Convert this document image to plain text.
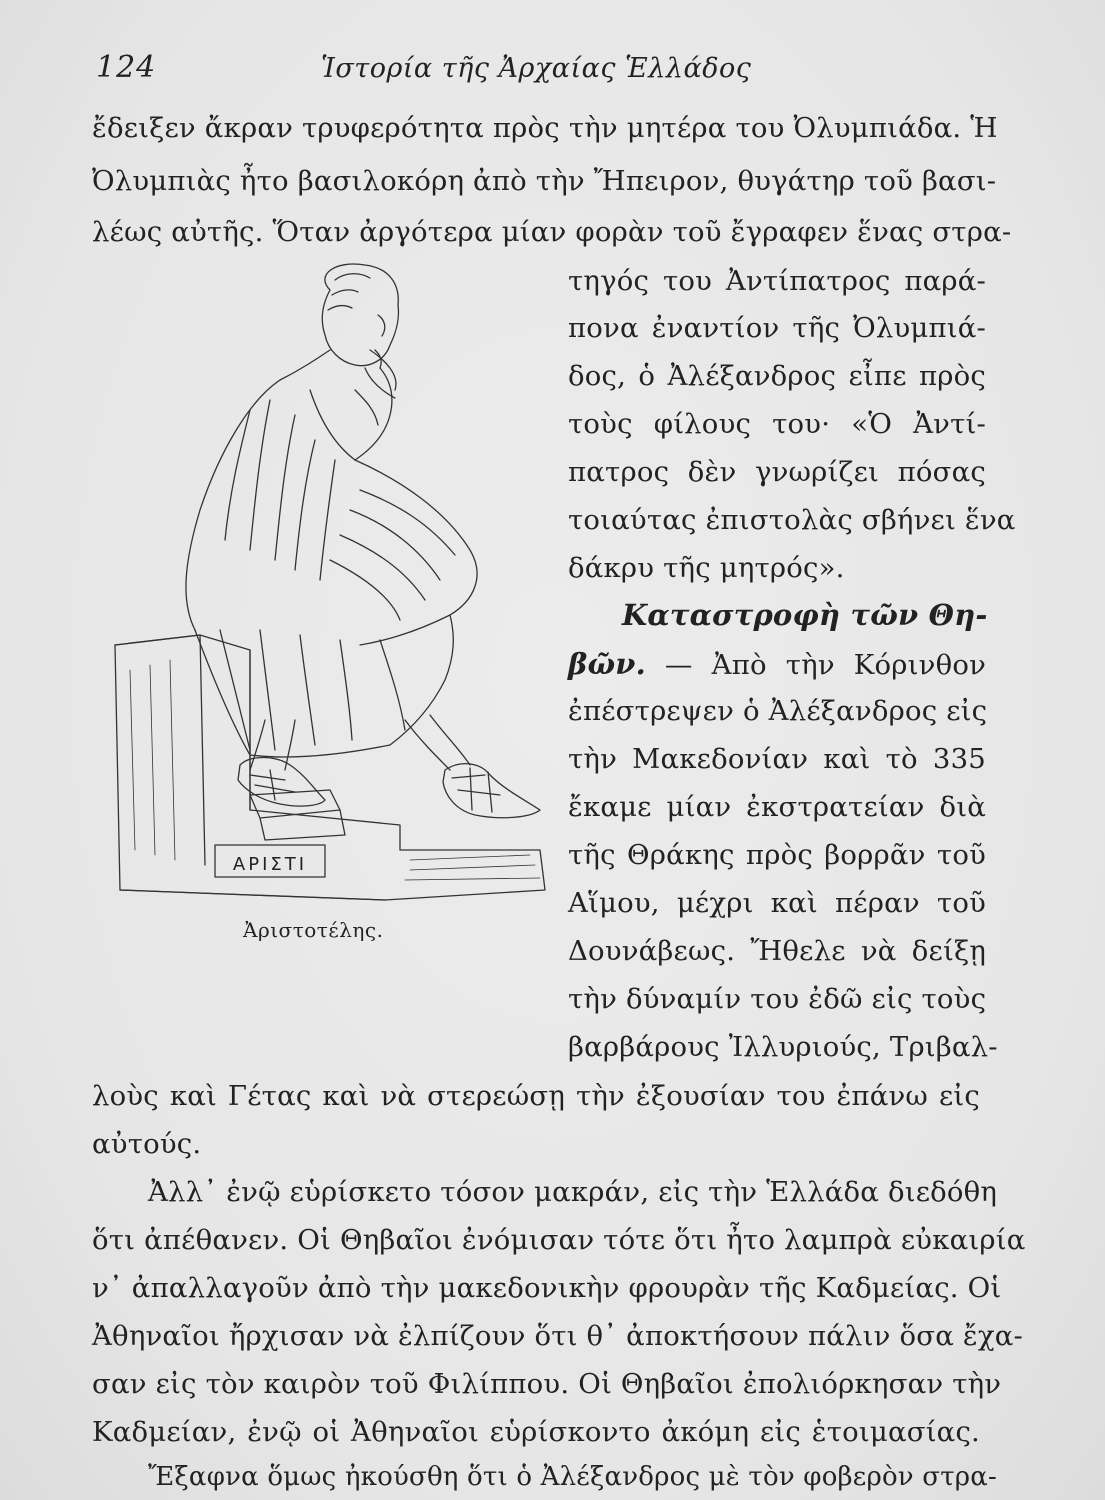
124	Ἱστορία τῆς Ἀρχαίας Ἑλλάδος
ἔδειξεν ἄκραν τρυφερότητα πρὸς τὴν μητέρα του Ὀλυμπιάδα. Ἡ
Ὀλυμπιὰς ἦτο βασιλοκόρη ἀπὸ τὴν Ἤπειρον, θυγάτηρ τοῦ βασι-
λέως αὐτῆς. Ὅταν ἀργότερα μίαν φορὰν τοῦ ἔγραφεν ἕνας στρα-
τηγός του Ἀντίπατρος παρά-
πονα ἐναντίον τῆς Ὀλυμπιά-
δος, ὁ Ἀλέξανδρος εἶπε πρὸς
τοὺς φίλους του· «Ὁ Ἀντί-
πατρος δὲν γνωρίζει πόσας
τοιαύτας ἐπιστολὰς σβήνει ἕνα
δάκρυ τῆς μητρός».
Καταστροφὴ τῶν Θη-
βῶν. — Ἀπὸ τὴν Κόρινθον
ἐπέστρεψεν ὁ Ἀλέξανδρος εἰς
τὴν Μακεδονίαν καὶ τὸ 335
ἔκαμε μίαν ἐκστρατείαν διὰ
τῆς Θράκης πρὸς βορρᾶν τοῦ
Αἵμου, μέχρι καὶ πέραν τοῦ
Δουνάβεως. Ἤθελε νὰ δείξῃ
τὴν δύναμίν του ἐδῶ εἰς τοὺς
βαρβάρους Ἰλλυριούς, Τριβαλ-
λοὺς καὶ Γέτας καὶ νὰ στερεώσῃ τὴν ἐξουσίαν του ἐπάνω εἰς
αὐτούς.
Ἀλλ᾽ ἐνῷ εὑρίσκετο τόσον μακράν, εἰς τὴν Ἑλλάδα διεδόθη
ὅτι ἀπέθανεν. Οἱ Θηβαῖοι ἐνόμισαν τότε ὅτι ἦτο λαμπρὰ εὐκαιρία
ν᾽ ἀπαλλαγοῦν ἀπὸ τὴν μακεδονικὴν φρουρὰν τῆς Καδμείας. Οἱ
Ἀθηναῖοι ἤρχισαν νὰ ἐλπίζουν ὅτι θ᾽ ἀποκτήσουν πάλιν ὅσα ἔχα-
σαν εἰς τὸν καιρὸν τοῦ Φιλίππου. Οἱ Θηβαῖοι ἐπολιόρκησαν τὴν
Καδμείαν, ἐνῷ οἱ Ἀθηναῖοι εὑρίσκοντο ἀκόμη εἰς ἑτοιμασίας.
Ἔξαφνα ὅμως ἠκούσθη ὅτι ὁ Ἀλέξανδρος μὲ τὸν φοβερὸν στρα-
ΑΡΙΣΤΙ
Ἀριστοτέλης.
